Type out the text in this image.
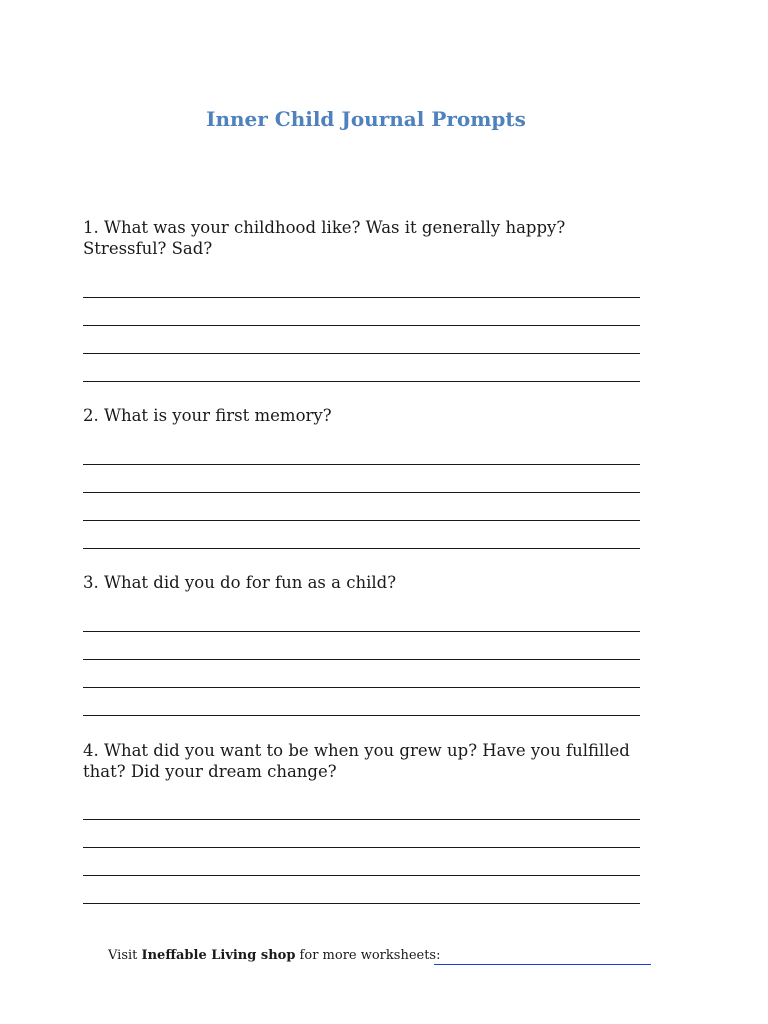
Inner Child Journal Prompts
1. What was your childhood like? Was it generally happy? Stressful? Sad?
2. What is your first memory?
3. What did you do for fun as a child?
4. What did you want to be when you grew up? Have you fulfilled that? Did your dream change?
Visit Ineffable Living shop for more worksheets:
